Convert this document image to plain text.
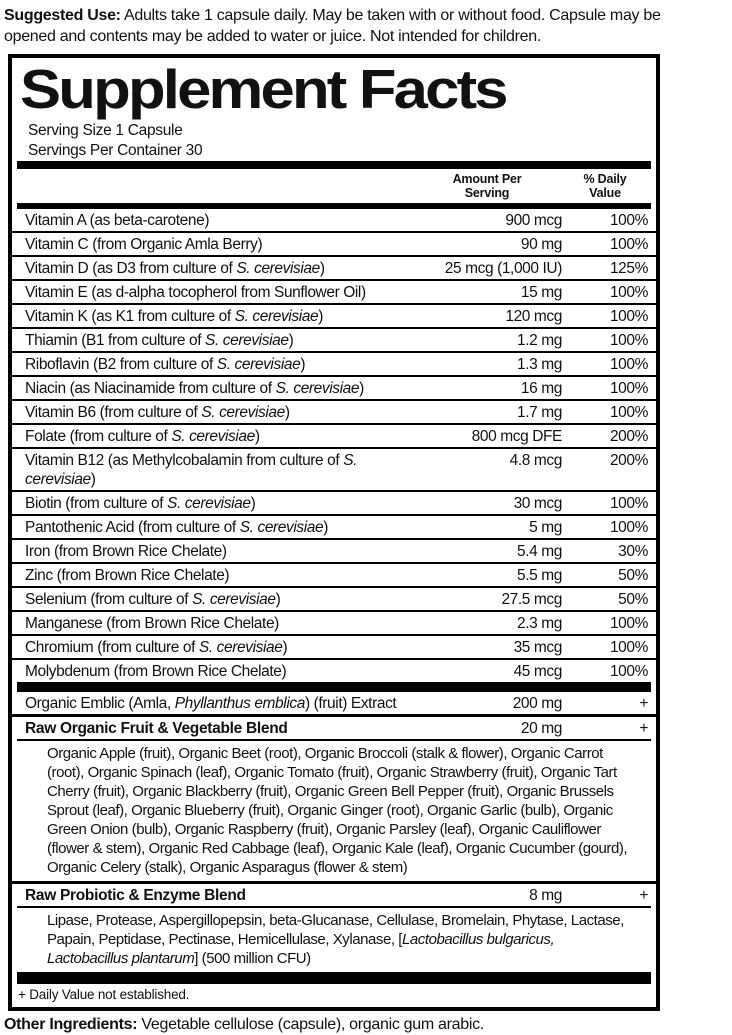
Suggested Use: Adults take 1 capsule daily. May be taken with or without food. Capsule may be opened and contents may be added to water or juice. Not intended for children.

Supplement Facts
Serving Size 1 Capsule
Servings Per Container 30
Amount Per Serving
% Daily Value
Vitamin A (as beta-carotene)	900 mcg	100%
Vitamin C (from Organic Amla Berry)	90 mg	100%
Vitamin D (as D3 from culture of S. cerevisiae)	25 mcg (1,000 IU)	125%
Vitamin E (as d-alpha tocopherol from Sunflower Oil)	15 mg	100%
Vitamin K (as K1 from culture of S. cerevisiae)	120 mcg	100%
Thiamin (B1 from culture of S. cerevisiae)	1.2 mg	100%
Riboflavin (B2 from culture of S. cerevisiae)	1.3 mg	100%
Niacin (as Niacinamide from culture of S. cerevisiae)	16 mg	100%
Vitamin B6 (from culture of S. cerevisiae)	1.7 mg	100%
Folate (from culture of S. cerevisiae)	800 mcg DFE	200%
Vitamin B12 (as Methylcobalamin from culture of S. cerevisiae)
4.8 mcg	200%
Biotin (from culture of S. cerevisiae)	30 mcg	100%
Pantothenic Acid (from culture of S. cerevisiae)	5 mg	100%
Iron (from Brown Rice Chelate)	5.4 mg	30%
Zinc (from Brown Rice Chelate)	5.5 mg	50%
Selenium (from culture of S. cerevisiae)	27.5 mcg	50%
Manganese (from Brown Rice Chelate)	2.3 mg	100%
Chromium (from culture of S. cerevisiae)	35 mcg	100%
Molybdenum (from Brown Rice Chelate)	45 mcg	100%
Organic Emblic (Amla, Phyllanthus emblica) (fruit) Extract	200 mg	+
Raw Organic Fruit & Vegetable Blend	20 mg	+
Organic Apple (fruit), Organic Beet (root), Organic Broccoli (stalk & flower), Organic Carrot (root), Organic Spinach (leaf), Organic Tomato (fruit), Organic Strawberry (fruit), Organic Tart Cherry (fruit), Organic Blackberry (fruit), Organic Green Bell Pepper (fruit), Organic Brussels Sprout (leaf), Organic Blueberry (fruit), Organic Ginger (root), Organic Garlic (bulb), Organic Green Onion (bulb), Organic Raspberry (fruit), Organic Parsley (leaf), Organic Cauliflower (flower & stem), Organic Red Cabbage (leaf), Organic Kale (leaf), Organic Cucumber (gourd), Organic Celery (stalk), Organic Asparagus (flower & stem)
Raw Probiotic & Enzyme Blend	8 mg	+
Lipase, Protease, Aspergillopepsin, beta-Glucanase, Cellulase, Bromelain, Phytase, Lactase, Papain, Peptidase, Pectinase, Hemicellulase, Xylanase, [Lactobacillus bulgaricus, Lactobacillus plantarum] (500 million CFU)
+ Daily Value not established.

Other Ingredients: Vegetable cellulose (capsule), organic gum arabic.
